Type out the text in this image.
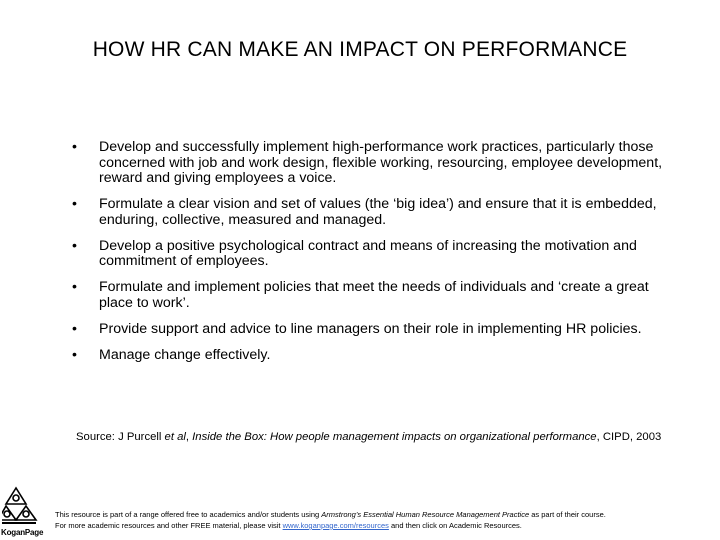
HOW HR CAN MAKE AN IMPACT ON PERFORMANCE
•	Develop and successfully implement high-performance work practices, particularly those concerned with job and work design, flexible working, resourcing, employee development, reward and giving employees a voice.
•	Formulate a clear vision and set of values (the ‘big idea’) and ensure that it is embedded, enduring, collective, measured and managed.
•	Develop a positive psychological contract and means of increasing the motivation and commitment of employees.
•	Formulate and implement policies that meet the needs of individuals and ‘create a great place to work’.
•	Provide support and advice to line managers on their role in implementing HR policies.
•	Manage change effectively.
Source: J Purcell et al, Inside the Box: How people management impacts on organizational performance, CIPD, 2003
KoganPage
This resource is part of a range offered free to academics and/or students using Armstrong’s Essential Human Resource Management Practice as part of their course.
For more academic resources and other FREE material, please visit www.koganpage.com/resources and then click on Academic Resources.
